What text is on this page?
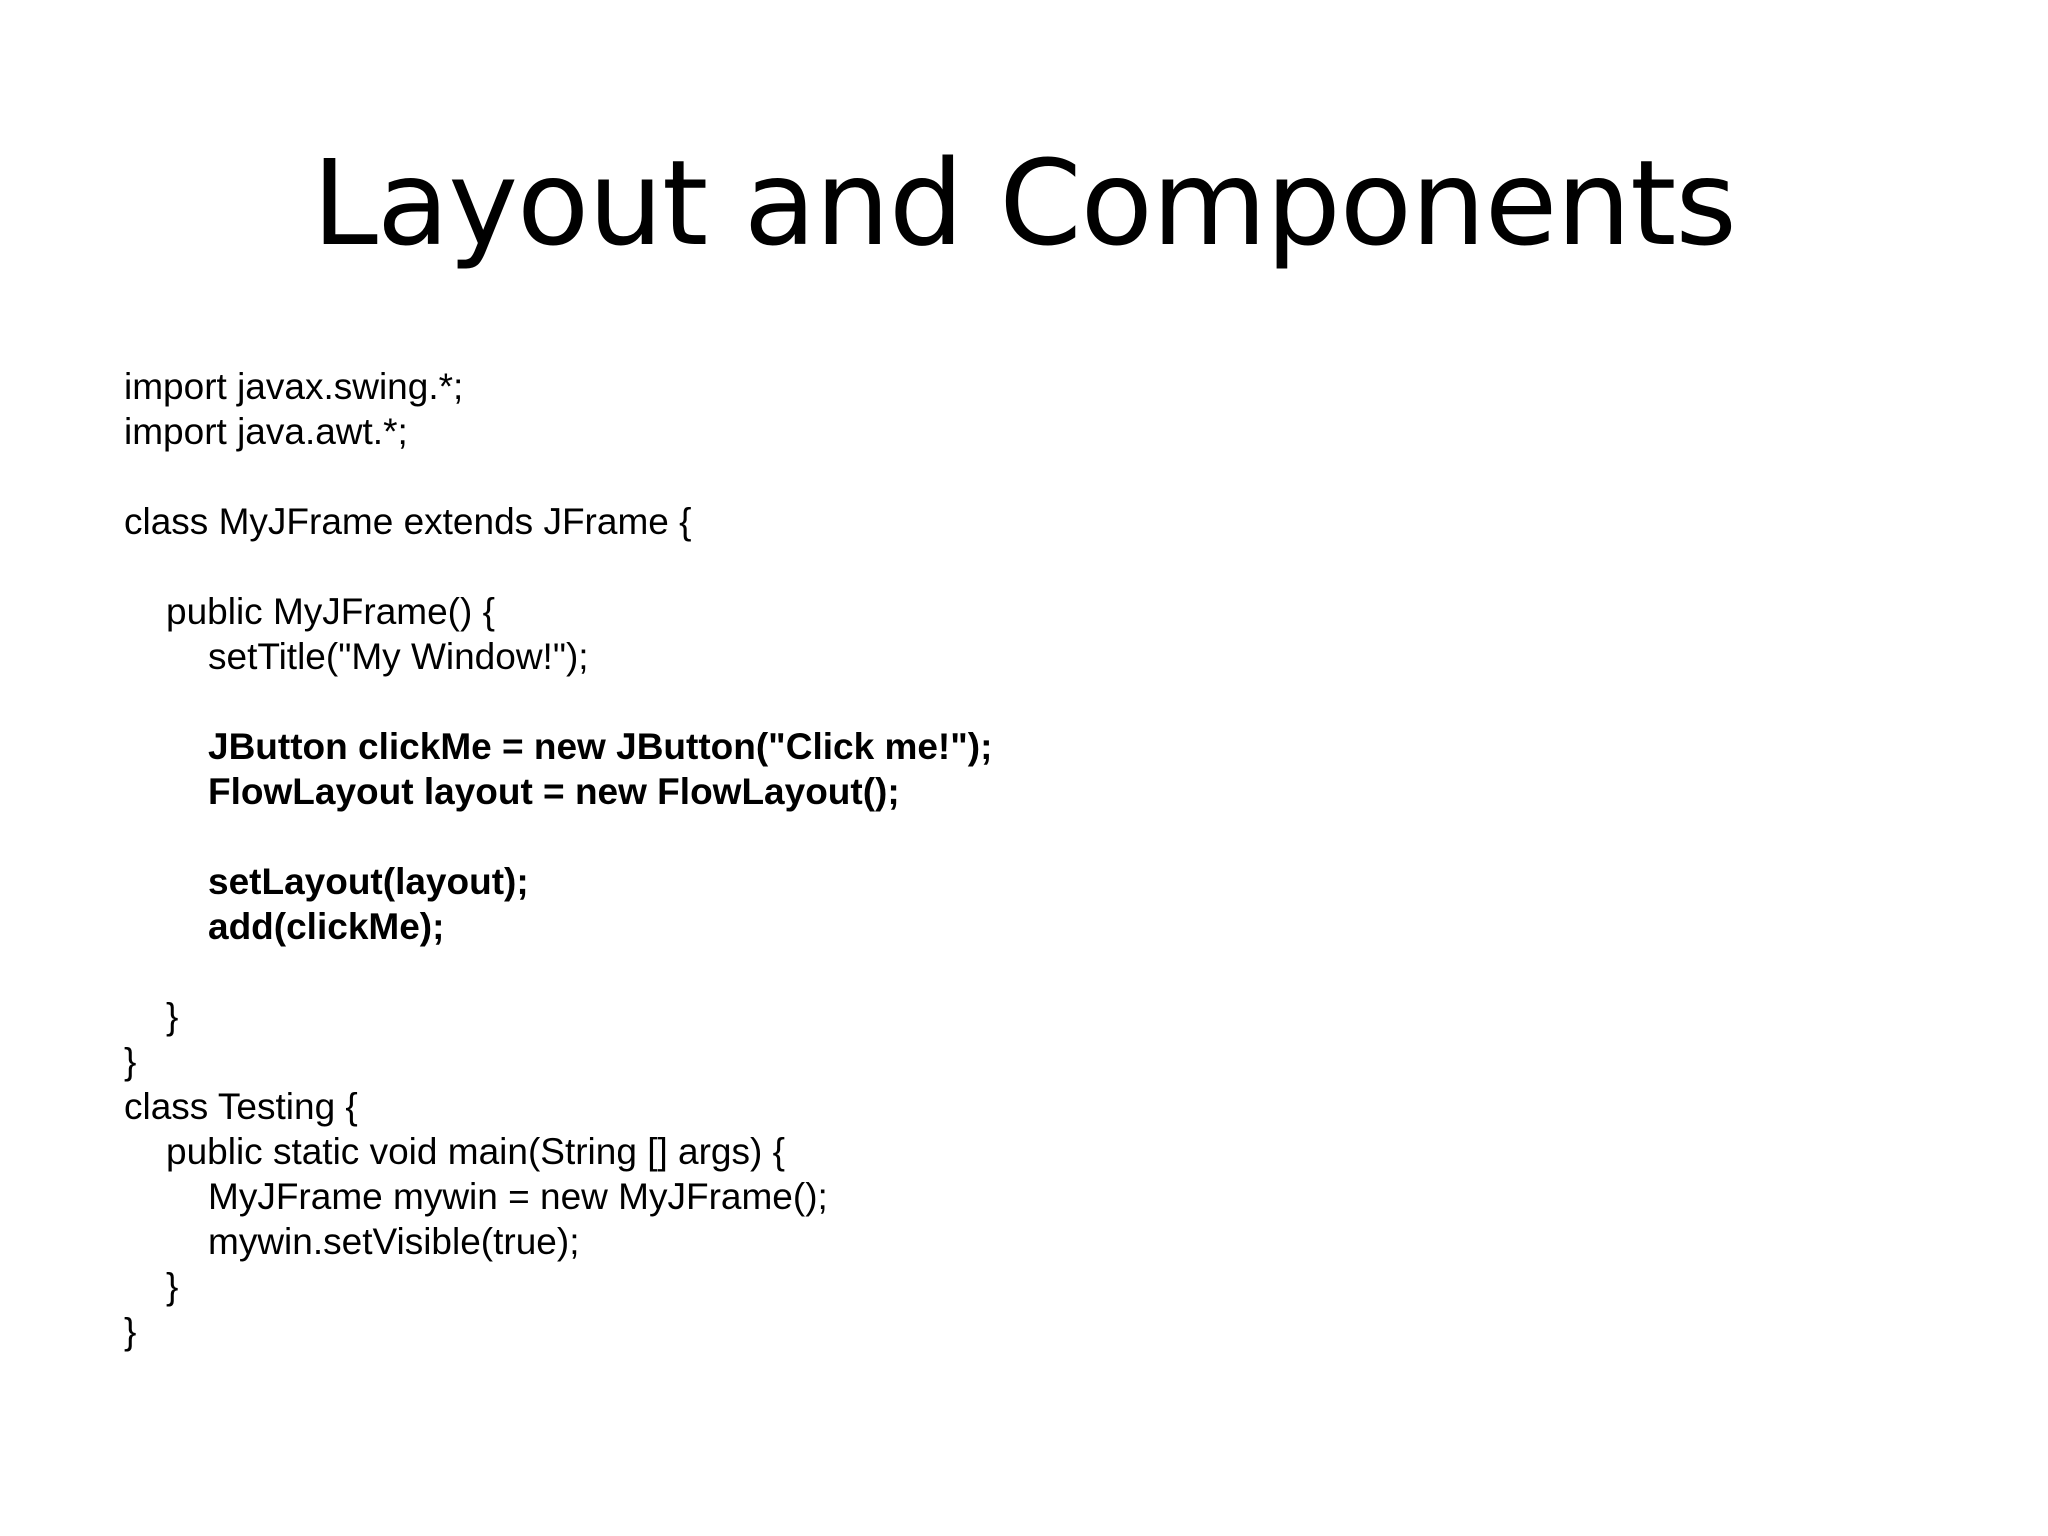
Layout and Components
import javax.swing.*;
import java.awt.*;
class MyJFrame extends JFrame {
public MyJFrame() {
setTitle("My Window!");
JButton clickMe = new JButton("Click me!");
FlowLayout layout = new FlowLayout();
setLayout(layout);
add(clickMe);
}
}
class Testing {
public static void main(String [] args) {
MyJFrame mywin = new MyJFrame();
mywin.setVisible(true);
}
}
